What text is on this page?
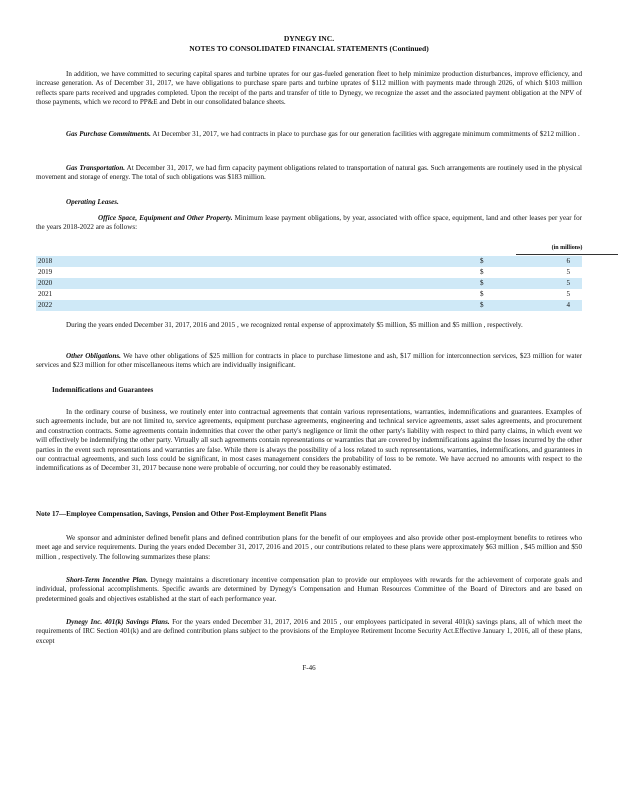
DYNEGY INC.
NOTES TO CONSOLIDATED FINANCIAL STATEMENTS (Continued)

In addition, we have committed to securing capital spares and turbine uprates for our gas-fueled generation fleet to help minimize production disturbances, improve efficiency, and increase generation. As of December 31, 2017, we have obligations to purchase spare parts and turbine uprates of $112 million with payments made through 2026, of which $103 million reflects spare parts received and upgrades completed. Upon the receipt of the parts and transfer of title to Dynegy, we recognize the asset and the associated payment obligation at the NPV of those payments, which we record to PP&E and Debt in our consolidated balance sheets.

Gas Purchase Commitments. At December 31, 2017, we had contracts in place to purchase gas for our generation facilities with aggregate minimum commitments of $212 million .

Gas Transportation. At December 31, 2017, we had firm capacity payment obligations related to transportation of natural gas. Such arrangements are routinely used in the physical movement and storage of energy. The total of such obligations was $183 million.

Operating Leases.

Office Space, Equipment and Other Property. Minimum lease payment obligations, by year, associated with office space, equipment, land and other leases per year for the years 2018-2022 are as follows:

(in millions)
2018	$	6
2019	$	5
2020	$	5
2021	$	5
2022	$	4

During the years ended December 31, 2017, 2016 and 2015 , we recognized rental expense of approximately $5 million, $5 million and $5 million , respectively.

Other Obligations. We have other obligations of $25 million for contracts in place to purchase limestone and ash, $17 million for interconnection services, $23 million for water services and $23 million for other miscellaneous items which are individually insignificant.

Indemnifications and Guarantees

In the ordinary course of business, we routinely enter into contractual agreements that contain various representations, warranties, indemnifications and guarantees. Examples of such agreements include, but are not limited to, service agreements, equipment purchase agreements, engineering and technical service agreements, asset sales agreements, and procurement and construction contracts. Some agreements contain indemnities that cover the other party's negligence or limit the other party's liability with respect to third party claims, in which event we will effectively be indemnifying the other party. Virtually all such agreements contain representations or warranties that are covered by indemnifications against the losses incurred by the other parties in the event such representations and warranties are false. While there is always the possibility of a loss related to such representations, warranties, indemnifications, and guarantees in our contractual agreements, and such loss could be significant, in most cases management considers the probability of loss to be remote. We have accrued no amounts with respect to the indemnifications as of December 31, 2017 because none were probable of occurring, nor could they be reasonably estimated.

Note 17—Employee Compensation, Savings, Pension and Other Post-Employment Benefit Plans

We sponsor and administer defined benefit plans and defined contribution plans for the benefit of our employees and also provide other post-employment benefits to retirees who meet age and service requirements. During the years ended December 31, 2017, 2016 and 2015 , our contributions related to these plans were approximately $63 million , $45 million and $50 million , respectively. The following summarizes these plans:

Short-Term Incentive Plan. Dynegy maintains a discretionary incentive compensation plan to provide our employees with rewards for the achievement of corporate goals and individual, professional accomplishments. Specific awards are determined by Dynegy's Compensation and Human Resources Committee of the Board of Directors and are based on predetermined goals and objectives established at the start of each performance year.

Dynegy Inc. 401(k) Savings Plans. For the years ended December 31, 2017, 2016 and 2015 , our employees participated in several 401(k) savings plans, all of which meet the requirements of IRC Section 401(k) and are defined contribution plans subject to the provisions of the Employee Retirement Income Security Act.Effective January 1, 2016, all of these plans, except

F-46
